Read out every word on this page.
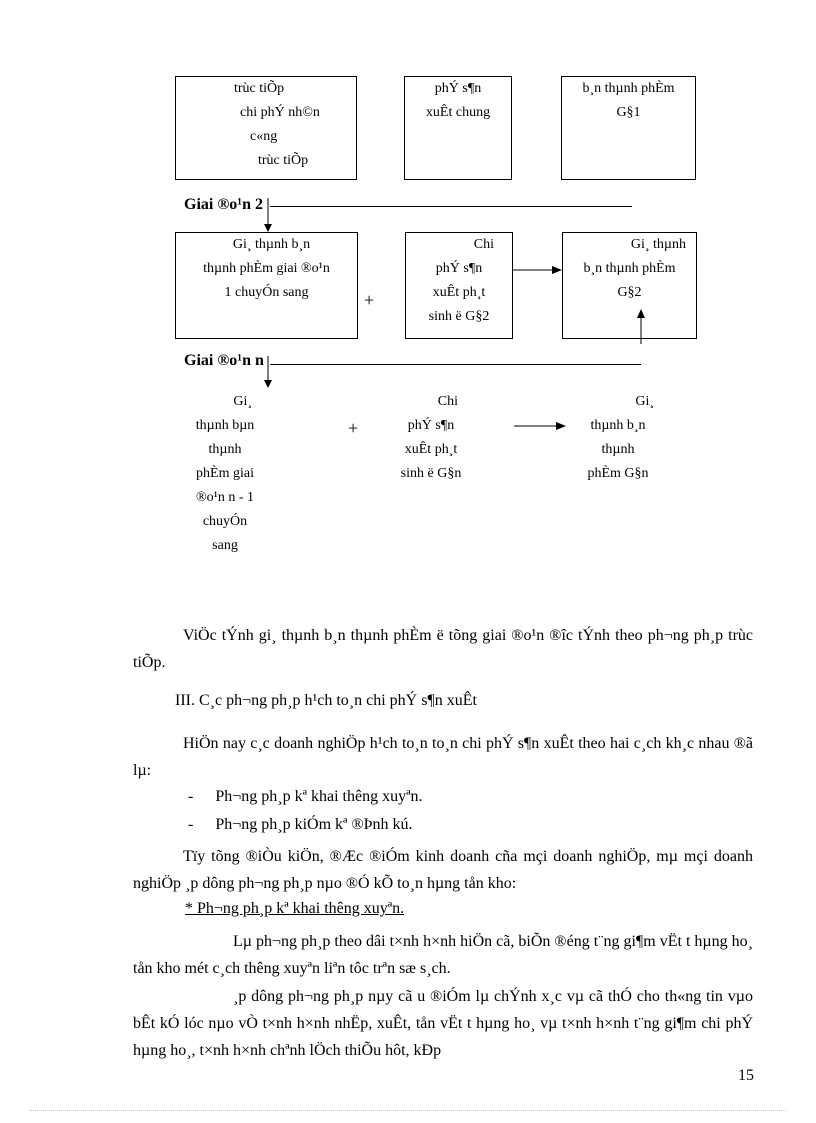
trùc tiÕp
chi phÝ nh©n
c«ng
trùc tiÕp
phÝ s¶n
xuÊt chung
b¸n thµnh phÈm
G§1
Giai ®o¹n 2
Gi¸ thµnh b¸n
thµnh phÈm giai ®o¹n
1 chuyÓn sang	+
Chi
phÝ s¶n
xuÊt ph¸t
sinh ë G§2
Gi¸ thµnh
b¸n thµnh phÈm
G§2
Giai ®o¹n n
Gi¸
thµnh bµn
thµnh
phÈm giai
®o¹n n - 1
chuyÓn
sang
+
Chi
phÝ s¶n
xuÊt ph¸t
sinh ë G§n
Gi¸
thµnh b¸n
thµnh
phÈm G§n
ViÖc tÝnh gi¸ thµnh b¸n thµnh phÈm ë tõng giai ®o¹n ®îc tÝnh theo ph¬ng ph¸p trùc tiÕp.
III. C¸c ph¬ng ph¸p h¹ch to¸n chi phÝ s¶n xuÊt
HiÖn nay c¸c doanh nghiÖp h¹ch to¸n to¸n chi phÝ s¶n xuÊt theo hai c¸ch kh¸c nhau ®ã lµ:
- Ph¬ng ph¸p kª khai thêng xuyªn.
- Ph¬ng ph¸p kiÓm kª ®Þnh kú.
Tïy tõng ®iÒu kiÖn, ®Æc ®iÓm kinh doanh cña mçi doanh nghiÖp, mµ mçi doanh nghiÖp ¸p dông ph¬ng ph¸p nµo ®Ó kÕ to¸n hµng tån kho:
* Ph¬ng ph¸p kª khai thêng xuyªn.
Lµ ph¬ng ph¸p theo dâi t×nh h×nh hiÖn cã, biÕn ®éng t¨ng gi¶m vËt t hµng ho¸ tån kho mét c¸ch thêng xuyªn liªn tôc trªn sæ s¸ch.
¸p dông ph¬ng ph¸p nµy cã u ®iÓm lµ chÝnh x¸c vµ cã thÓ cho th«ng tin vµo bÊt kÓ lóc nµo vÒ t×nh h×nh nhËp, xuÊt, tån vËt t hµng ho¸ vµ t×nh h×nh t¨ng gi¶m chi phÝ hµng ho¸, t×nh h×nh chªnh lÖch thiÕu hôt, kÐp
15
